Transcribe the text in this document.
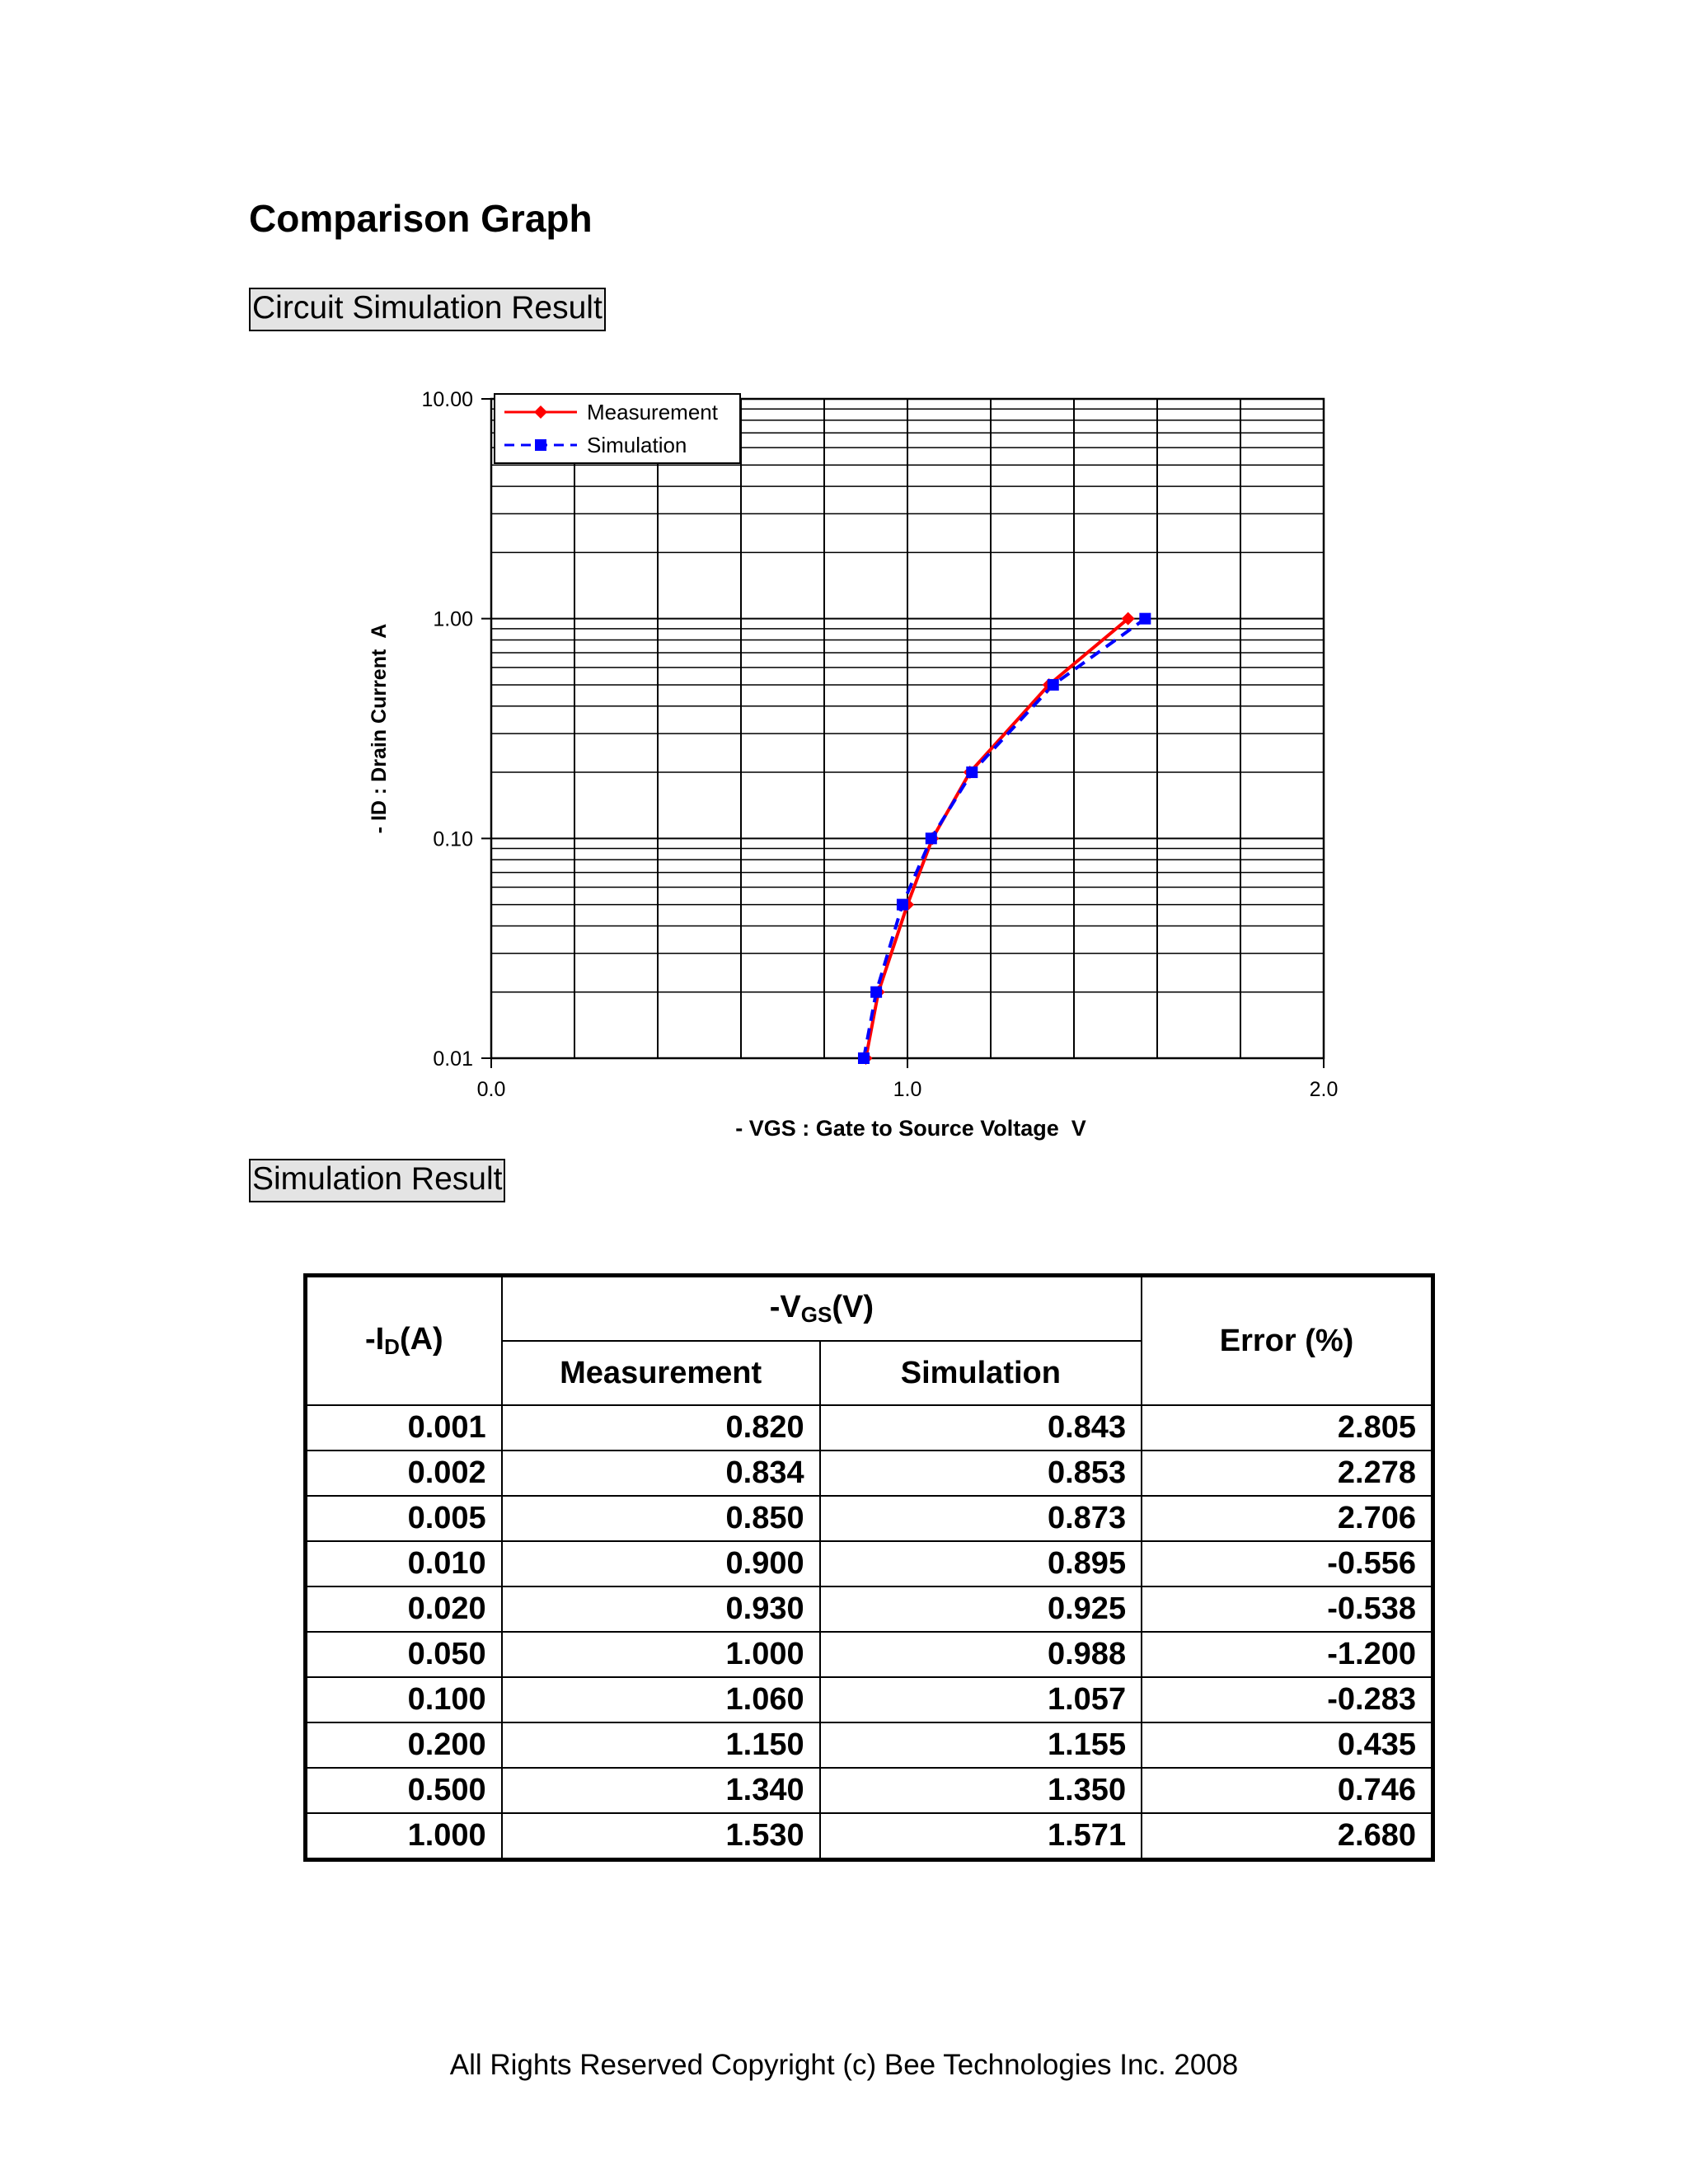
Comparison Graph
Circuit Simulation Result
10.00
1.00
0.10
0.01
0.0	1.0	2.0
Measurement
Simulation
- VGS : Gate to Source Voltage  V
- ID : Drain Current  A
Simulation Result
$-I_D(A)$	$-V_{GS}(V)$		Error (%)
	Measurement	Simulation	
0.001	0.820	0.843	2.805
0.002	0.834	0.853	2.278
0.005	0.850	0.873	2.706
0.010	0.900	0.895	-0.556
0.020	0.930	0.925	-0.538
0.050	1.000	0.988	-1.200
0.100	1.060	1.057	-0.283
0.200	1.150	1.155	0.435
0.500	1.340	1.350	0.746
1.000	1.530	1.571	2.680
All Rights Reserved Copyright (c) Bee Technologies Inc. 2008
